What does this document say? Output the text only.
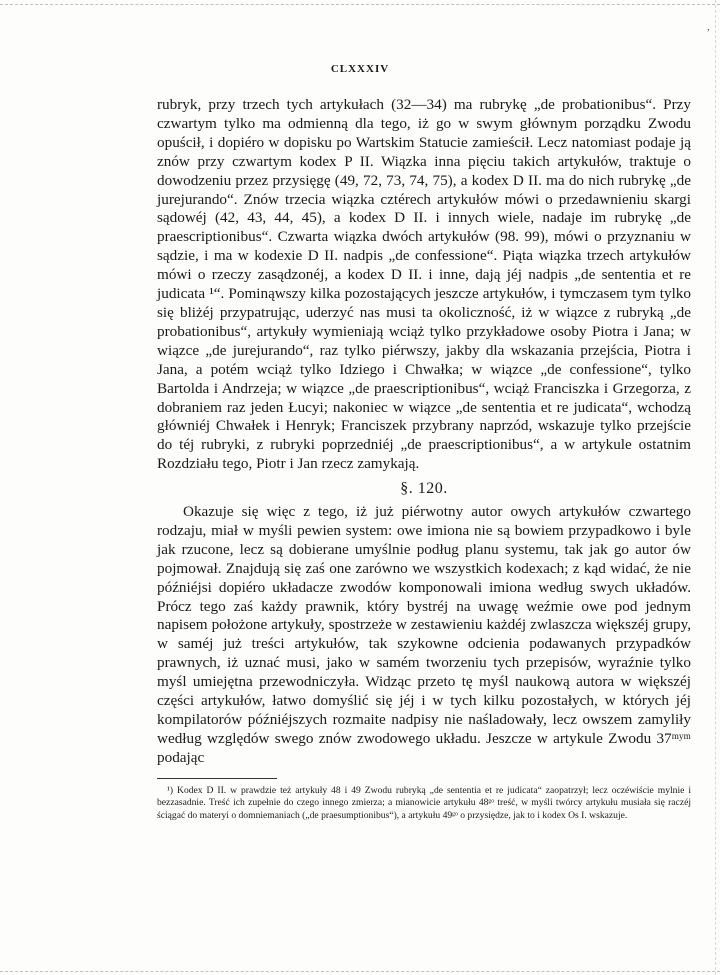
’
CLXXXIV

rubryk, przy trzech tych artykułach (32—34) ma rubrykę „de probationibus“. Przy czwartym tylko ma odmienną dla tego, iż go w swym głównym porządku Zwodu opuścił, i dopiéro w dopisku po Wartskim Statucie zamieścił. Lecz natomiast podaje ją znów przy czwartym kodex P II. Wiązka inna pięciu takich artykułów, traktuje o dowodzeniu przez przysięgę (49, 72, 73, 74, 75), a kodex D II. ma do nich rubrykę „de jurejurando“. Znów trzecia wiązka cztérech artykułów mówi o przedawnieniu skargi sądowéj (42, 43, 44, 45), a kodex D II. i innych wiele, nadaje im rubrykę „de praescriptionibus“. Czwarta wiązka dwóch artykułów (98. 99), mówi o przyznaniu w sądzie, i ma w kodexie D II. nadpis „de confessione“. Piąta wiązka trzech artykułów mówi o rzeczy zasądzonéj, a kodex D II. i inne, dają jéj nadpis „de sententia et re judicata ¹“. Pominąwszy kilka pozostających jeszcze artykułów, i tymczasem tym tylko się bliżéj przypatrując, uderzyć nas musi ta okoliczność, iż w wiązce z rubryką „de probationibus“, artykuły wymieniają wciąż tylko przykładowe osoby Piotra i Jana; w wiązce „de jurejurando“, raz tylko piérwszy, jakby dla wskazania przejścia, Piotra i Jana, a potém wciąż tylko Idziego i Chwałka; w wiązce „de confessione“, tylko Bartolda i Andrzeja; w wiązce „de praescriptionibus“, wciąż Franciszka i Grzegorza, z dobraniem raz jeden Łucyi; nakoniec w wiązce „de sententia et re judicata“, wchodzą główniéj Chwałek i Henryk; Franciszek przybrany naprzód, wskazuje tylko przejście do téj rubryki, z rubryki poprzedniéj „de praescriptionibus“, a w artykule ostatnim Rozdziału tego, Piotr i Jan rzecz zamykają.

§. 120.

Okazuje się więc z tego, iż już piérwotny autor owych artykułów czwartego rodzaju, miał w myśli pewien system: owe imiona nie są bowiem przypadkowo i byle jak rzucone, lecz są dobierane umyślnie podług planu systemu, tak jak go autor ów pojmował. Znajdują się zaś one zarówno we wszystkich kodexach; z kąd widać, że nie późniéjsi dopiéro układacze zwodów komponowali imiona według swych układów. Prócz tego zaś każdy prawnik, który bystréj na uwagę weźmie owe pod jednym napisem położone artykuły, spostrzeże w zestawieniu każdéj zwlaszcza większéj grupy, w saméj już treści artykułów, tak szykowne odcienia podawanych przypadków prawnych, iż uznać musi, jako w samém tworzeniu tych przepisów, wyraźnie tylko myśl umiejętna przewodniczyła. Widząc przeto tę myśl naukową autora w większéj części artykułów, łatwo domyślić się jéj i w tych kilku pozostałych, w których jéj kompilatorów późniéjszych rozmaite nadpisy nie naśladowały, lecz owszem zamyliły według względów swego znów zwodowego układu. Jeszcze w artykule Zwodu 37ᵐʸᵐ podając

¹) Kodex D II. w prawdzie też artykuły 48 i 49 Zwodu rubryką „de sententia et re judicata“ zaopatrzył; lecz oczéwiście mylnie i bezzasadnie. Treść ich zupełnie do czego innego zmierza; a mianowicie artykułu 48ᵍᵒ treść, w myśli twórcy artykułu musiała się raczéj ściągać do materyi o domniemaniach („de praesumptionibus“), a artykułu 49ᵍᵒ o przysiędze, jak to i kodex Os I. wskazuje.
